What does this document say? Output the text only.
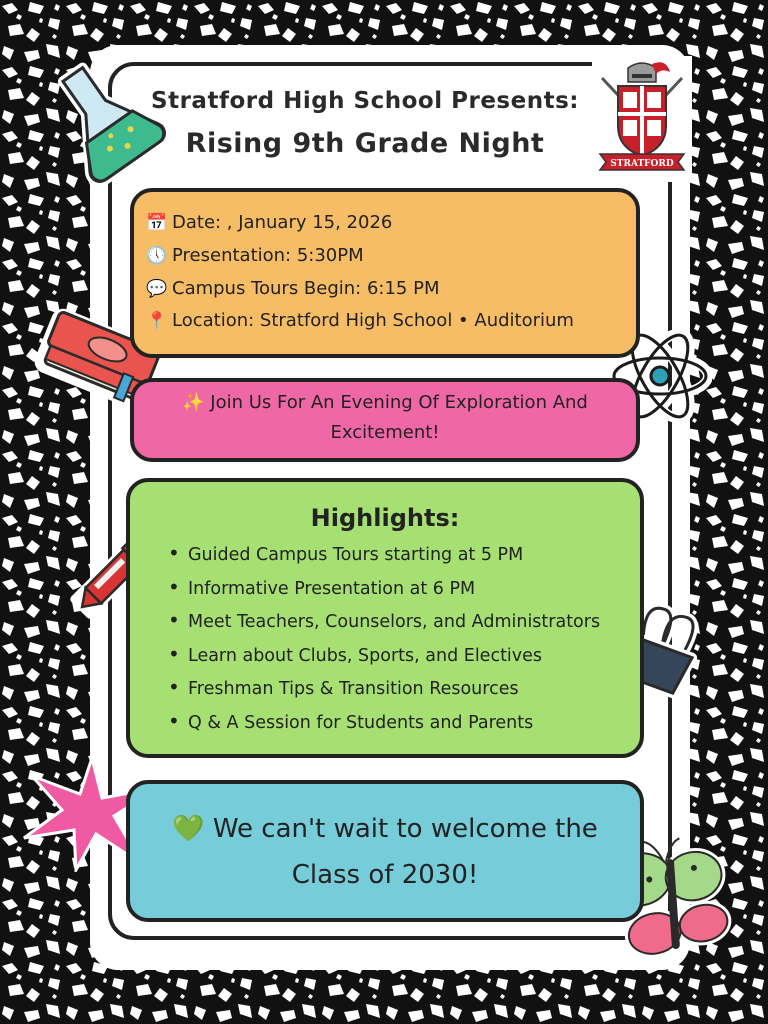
STRATFORD
Stratford High School Presents:
Rising 9th Grade Night
📅 Date: , January 15, 2026
🕔 Presentation: 5:30PM
💬 Campus Tours Begin: 6:15 PM
📍 Location: Stratford High School • Auditorium
✨ Join Us For An Evening Of Exploration And Excitement!
Highlights:
• Guided Campus Tours starting at 5 PM
• Informative Presentation at 6 PM
• Meet Teachers, Counselors, and Administrators
• Learn about Clubs, Sports, and Electives
• Freshman Tips & Transition Resources
• Q & A Session for Students and Parents
💚 We can't wait to welcome the
Class of 2030!
